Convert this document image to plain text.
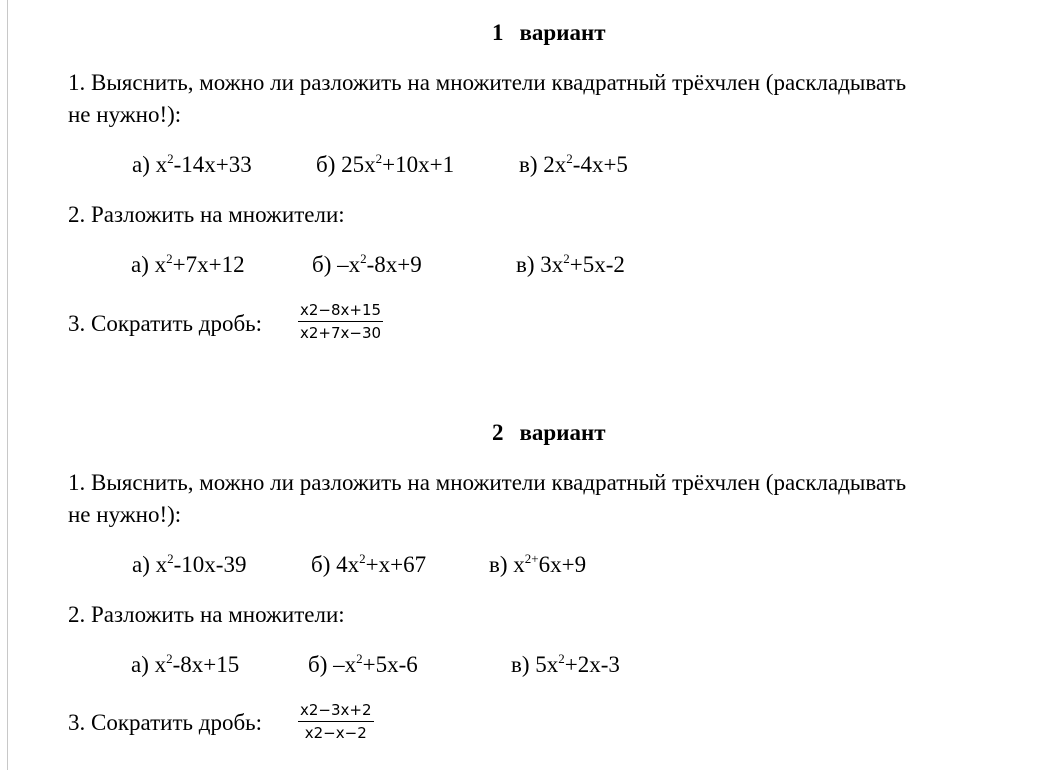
1 вариант
1. Выяснить, можно ли разложить на множители квадратный трёхчлен (раскладывать
не нужно!):
а) $x^2-14x+33$	б) $25x^2+10x+1$	в) $2x^2-4x+5$
2. Разложить на множители:
а) $x^2+7x+12$	б) $-x^2-8x+9$	в) $3x^2+5x-2$
3. Сократить дробь:
x2−8x+15
x2+7x−30
2 вариант
1. Выяснить, можно ли разложить на множители квадратный трёхчлен (раскладывать
не нужно!):
а) $x^2-10x-39$	б) $4x^2+x+67$	в) $x^{2+}6x+9$
2. Разложить на множители:
а) $x^2-8x+15$	б) $-x^2+5x-6$	в) $5x^2+2x-3$
3. Сократить дробь:	x2−3x+2
x2−x−2
